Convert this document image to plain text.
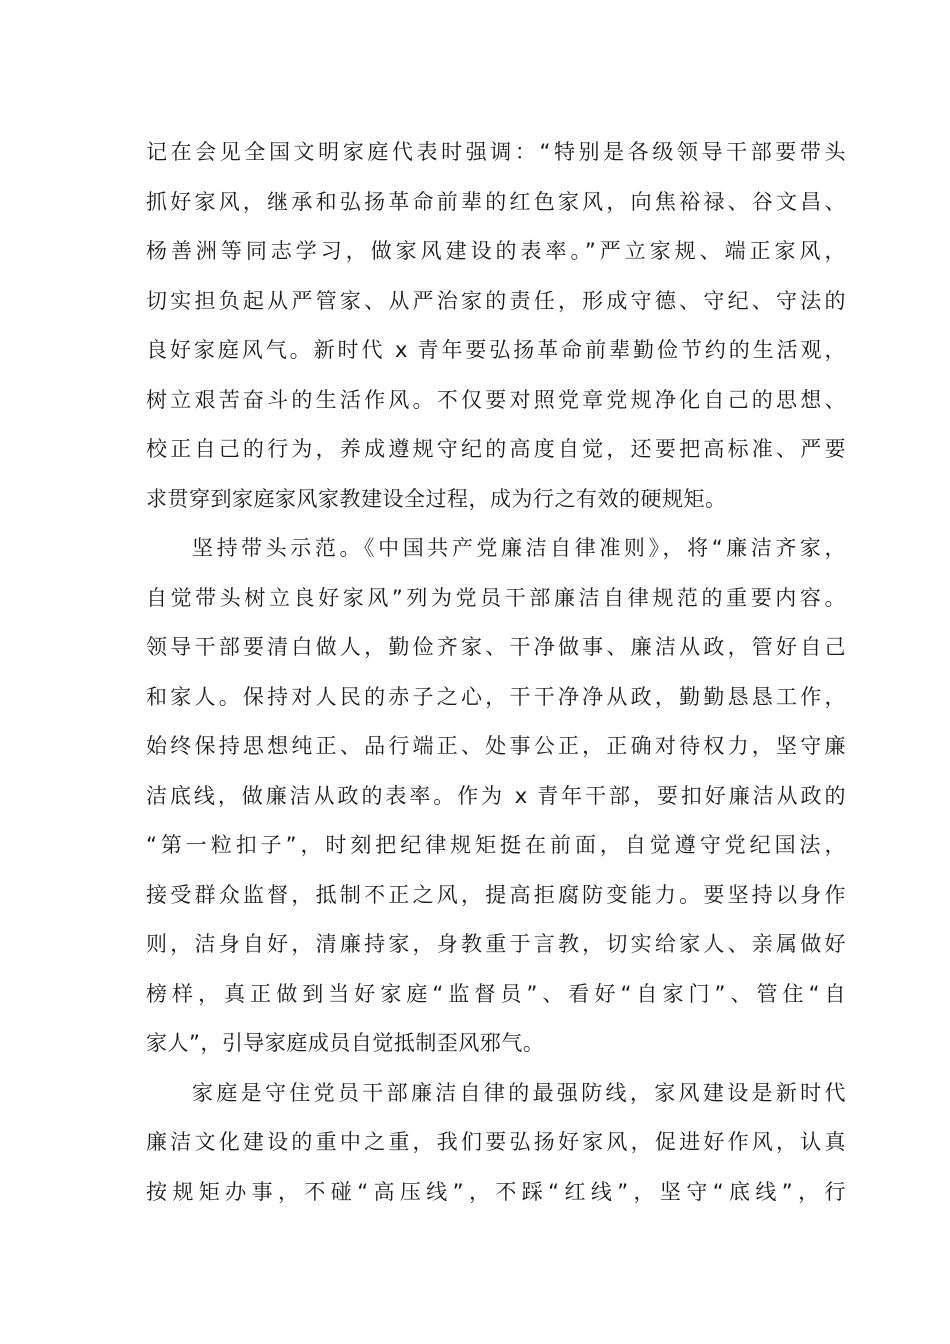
记在会见全国文明家庭代表时强调：“特别是各级领导干部要带头
抓好家风，继承和弘扬革命前辈的红色家风，向焦裕禄、谷文昌、
杨善洲等同志学习，做家风建设的表率。”严立家规、端正家风，
切实担负起从严管家、从严治家的责任，形成守德、守纪、守法的
良好家庭风气。新时代 x 青年要弘扬革命前辈勤俭节约的生活观，
树立艰苦奋斗的生活作风。不仅要对照党章党规净化自己的思想、
校正自己的行为，养成遵规守纪的高度自觉，还要把高标准、严要
求贯穿到家庭家风家教建设全过程，成为行之有效的硬规矩。
坚持带头示范。《中国共产党廉洁自律准则》，将“廉洁齐家，
自觉带头树立良好家风”列为党员干部廉洁自律规范的重要内容。
领导干部要清白做人，勤俭齐家、干净做事、廉洁从政，管好自己
和家人。保持对人民的赤子之心，干干净净从政，勤勤恳恳工作，
始终保持思想纯正、品行端正、处事公正，正确对待权力，坚守廉
洁底线，做廉洁从政的表率。作为 x 青年干部，要扣好廉洁从政的
“第一粒扣子”，时刻把纪律规矩挺在前面，自觉遵守党纪国法，
接受群众监督，抵制不正之风，提高拒腐防变能力。要坚持以身作
则，洁身自好，清廉持家，身教重于言教，切实给家人、亲属做好
榜样，真正做到当好家庭“监督员”、看好“自家门”、管住“自
家人”，引导家庭成员自觉抵制歪风邪气。
家庭是守住党员干部廉洁自律的最强防线，家风建设是新时代
廉洁文化建设的重中之重，我们要弘扬好家风，促进好作风，认真
按规矩办事，不碰“高压线”，不踩“红线”，坚守“底线”，行
